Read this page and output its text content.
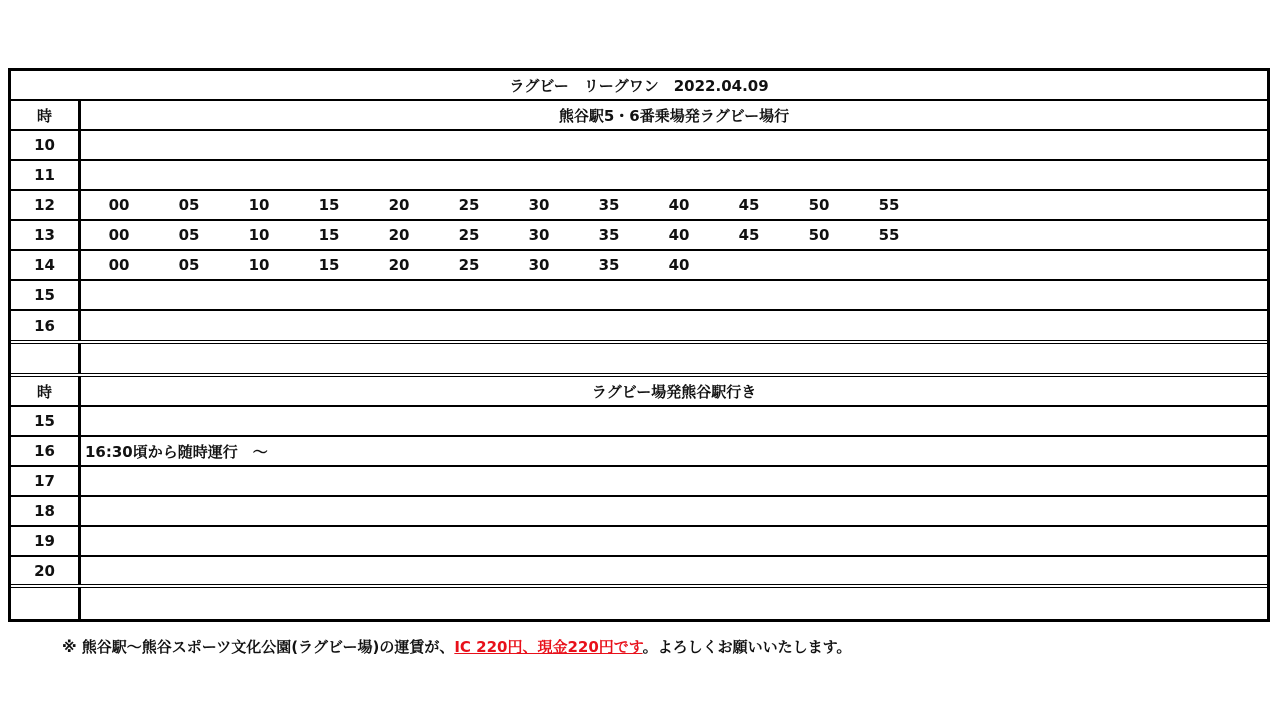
ラグビー　リーグワン　2022.04.09
時	熊谷駅5・6番乗場発ラグビー場行
10
11
12	00	05	10	15	20	25	30	35	40	45	50	55
13	00	05	10	15	20	25	30	35	40	45	50	55
14	00	05	10	15	20	25	30	35	40
15
16
時	ラグビー場発熊谷駅行き
15
16	16:30頃から随時運行　～
17
18
19
20
※ 熊谷駅～熊谷スポーツ文化公園(ラグビー場)の運賃が、IC 220円、現金220円です。よろしくお願いいたします。
